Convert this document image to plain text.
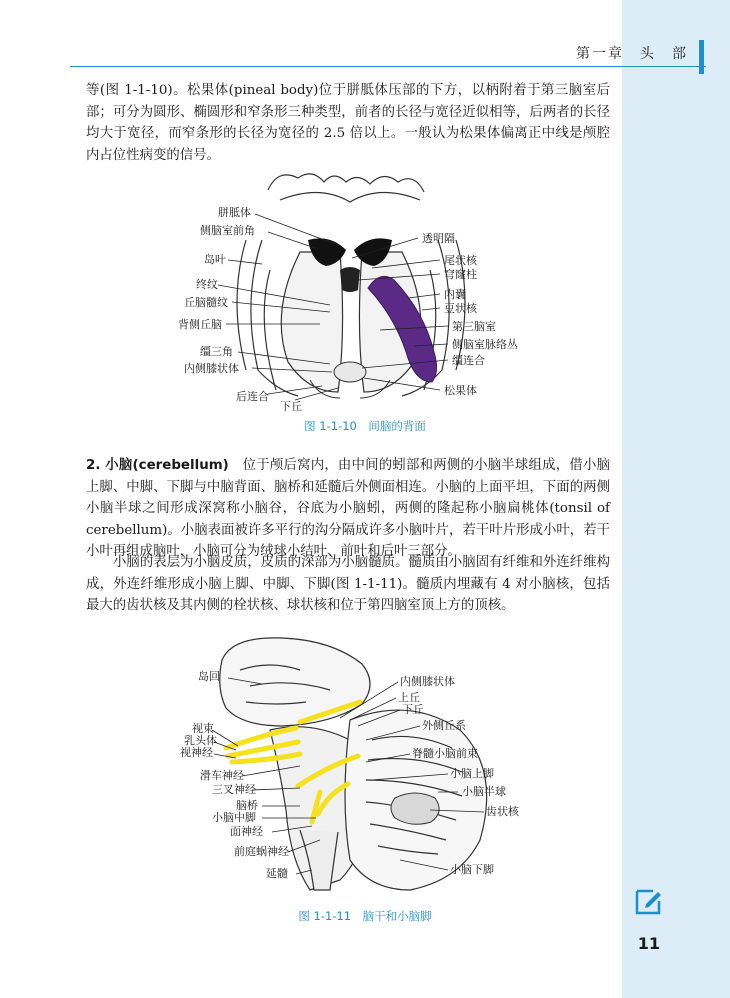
第一章　头　部

等(图 1-1-10)。松果体(pineal body)位于胼胝体压部的下方，以柄附着于第三脑室后部；可分为圆形、椭圆形和窄条形三种类型，前者的长径与宽径近似相等，后两者的长径均大于宽径，而窄条形的长径为宽径的 2.5 倍以上。一般认为松果体偏离正中线是颅腔内占位性病变的信号。

胼胝体
侧脑室前角
岛叶
终纹
丘脑髓纹
背侧丘脑
缰三角
内侧膝状体
后连合
下丘
透明隔
尾状核
穹窿柱
内囊
豆状核
第三脑室
侧脑室脉络丛
缰连合
松果体
图 1-1-10　间脑的背面

2. 小脑(cerebellum)　位于颅后窝内，由中间的蚓部和两侧的小脑半球组成，借小脑上脚、中脚、下脚与中脑背面、脑桥和延髓后外侧面相连。小脑的上面平坦，下面的两侧小脑半球之间形成深窝称小脑谷，谷底为小脑蚓，两侧的隆起称小脑扁桃体(tonsil of cerebellum)。小脑表面被许多平行的沟分隔成许多小脑叶片，若干叶片形成小叶，若干小叶再组成脑叶，小脑可分为绒球小结叶、前叶和后叶三部分。

小脑的表层为小脑皮质，皮质的深部为小脑髓质。髓质由小脑固有纤维和外连纤维构成，外连纤维形成小脑上脚、中脚、下脚(图 1-1-11)。髓质内埋藏有 4 对小脑核，包括最大的齿状核及其内侧的栓状核、球状核和位于第四脑室顶上方的顶核。

岛回
视束
乳头体
视神经
滑车神经
三叉神经
脑桥
小脑中脚
面神经
前庭蜗神经
延髓
内侧膝状体
上丘
下丘
外侧丘系
脊髓小脑前束
小脑上脚
小脑半球
齿状核
小脑下脚
图 1-1-11　脑干和小脑脚
11
